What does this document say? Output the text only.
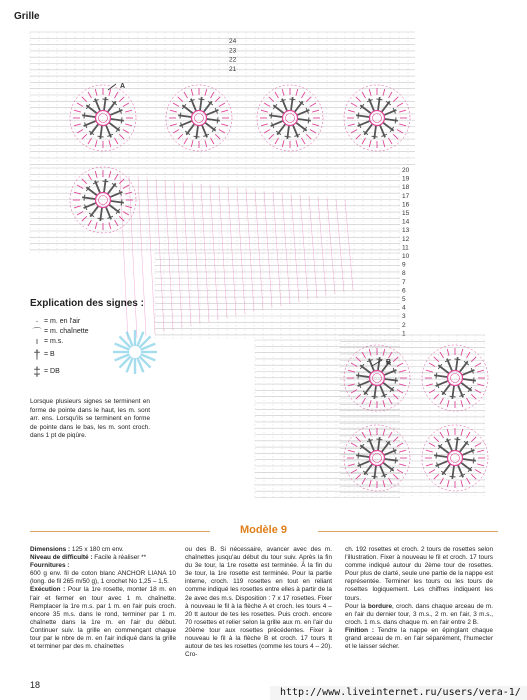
24
23
22
21
20
19
18
17
16
15
14
13
12
11
10
9
8
7
6
5
4
3
2
1
A
B
Grille
Explication des signes :
· = m. en l'air
⌒ = m. chaînette
ı = m.s.
† = B
‡ = DB
Lorsque plusieurs signes se terminent en forme de pointe dans le haut, les m. sont arr. ens. Lorsqu'ils se terminent en forme de pointe dans le bas, les m. sont croch. dans 1 pt de piqûre.
Modèle 9
Dimensions : 125 x 180 cm env.
Niveau de difficulté : Facile à réaliser **
Fournitures :
600 g env. fil de coton blanc ANCHOR LIANA 10 (long. de fil 265 m/50 g), 1 crochet No 1,25 – 1,5.
Exécution : Pour la 1re rosette, monter 18 m. en l'air et fermer en tour avec 1 m. chaînette. Remplacer la 1re m.s. par 1 m. en l'air puis croch. encore 35 m.s. dans le rond, terminer par 1 m. chaînette dans la 1re m. en l'air du début. Continuer suiv. la grille en commençant chaque tour par le nbre de m. en l'air indiqué dans la grille et terminer par des m. chaînettes
ou des B. Si nécessaire, avancer avec des m. chaînettes jusqu'au début du tour suiv. Après la fin du 3e tour, la 1re rosette est terminée. À la fin du 3e tour, la 1re rosette est terminée. Pour la partie interne, croch. 119 rosettes en tout en reliant comme indiqué les rosettes entre elles à partir de la 2e avec des m.s. Disposition : 7 x 17 rosettes. Fixer à nouveau le fil à la flèche A et croch. les tours 4 – 20 tt autour de tes les rosettes. Puis croch. encore 70 rosettes et relier selon la grille aux m. en l'air du 20ème tour aux rosettes précédentes. Fixer à nouveau le fil à la flèche B et croch. 17 tours tt autour de tes les rosettes (comme les tours 4 – 20). Cro-
ch. 192 rosettes et croch. 2 tours de rosettes selon l'illustration. Fixer à nouveau le fil et croch. 17 tours comme indiqué autour du 2ème tour de rosettes. Pour plus de clarté, seule une partie de la nappe est représentée. Terminer les tours ou les tours de rosettes logiquement. Les chiffres indiquent les tours.
Pour la bordure, croch. dans chaque arceau de m. en l'air du dernier tour, 3 m.s., 2 m. en l'air, 3 m.s., croch. 1 m.s. dans chaque m. en l'air entre 2 B.
Finition : Tendre la nappe en épinglant chaque grand arceau de m. en l'air séparément, l'humecter et le laisser sécher.
18
http://www.liveinternet.ru/users/vera-1/
